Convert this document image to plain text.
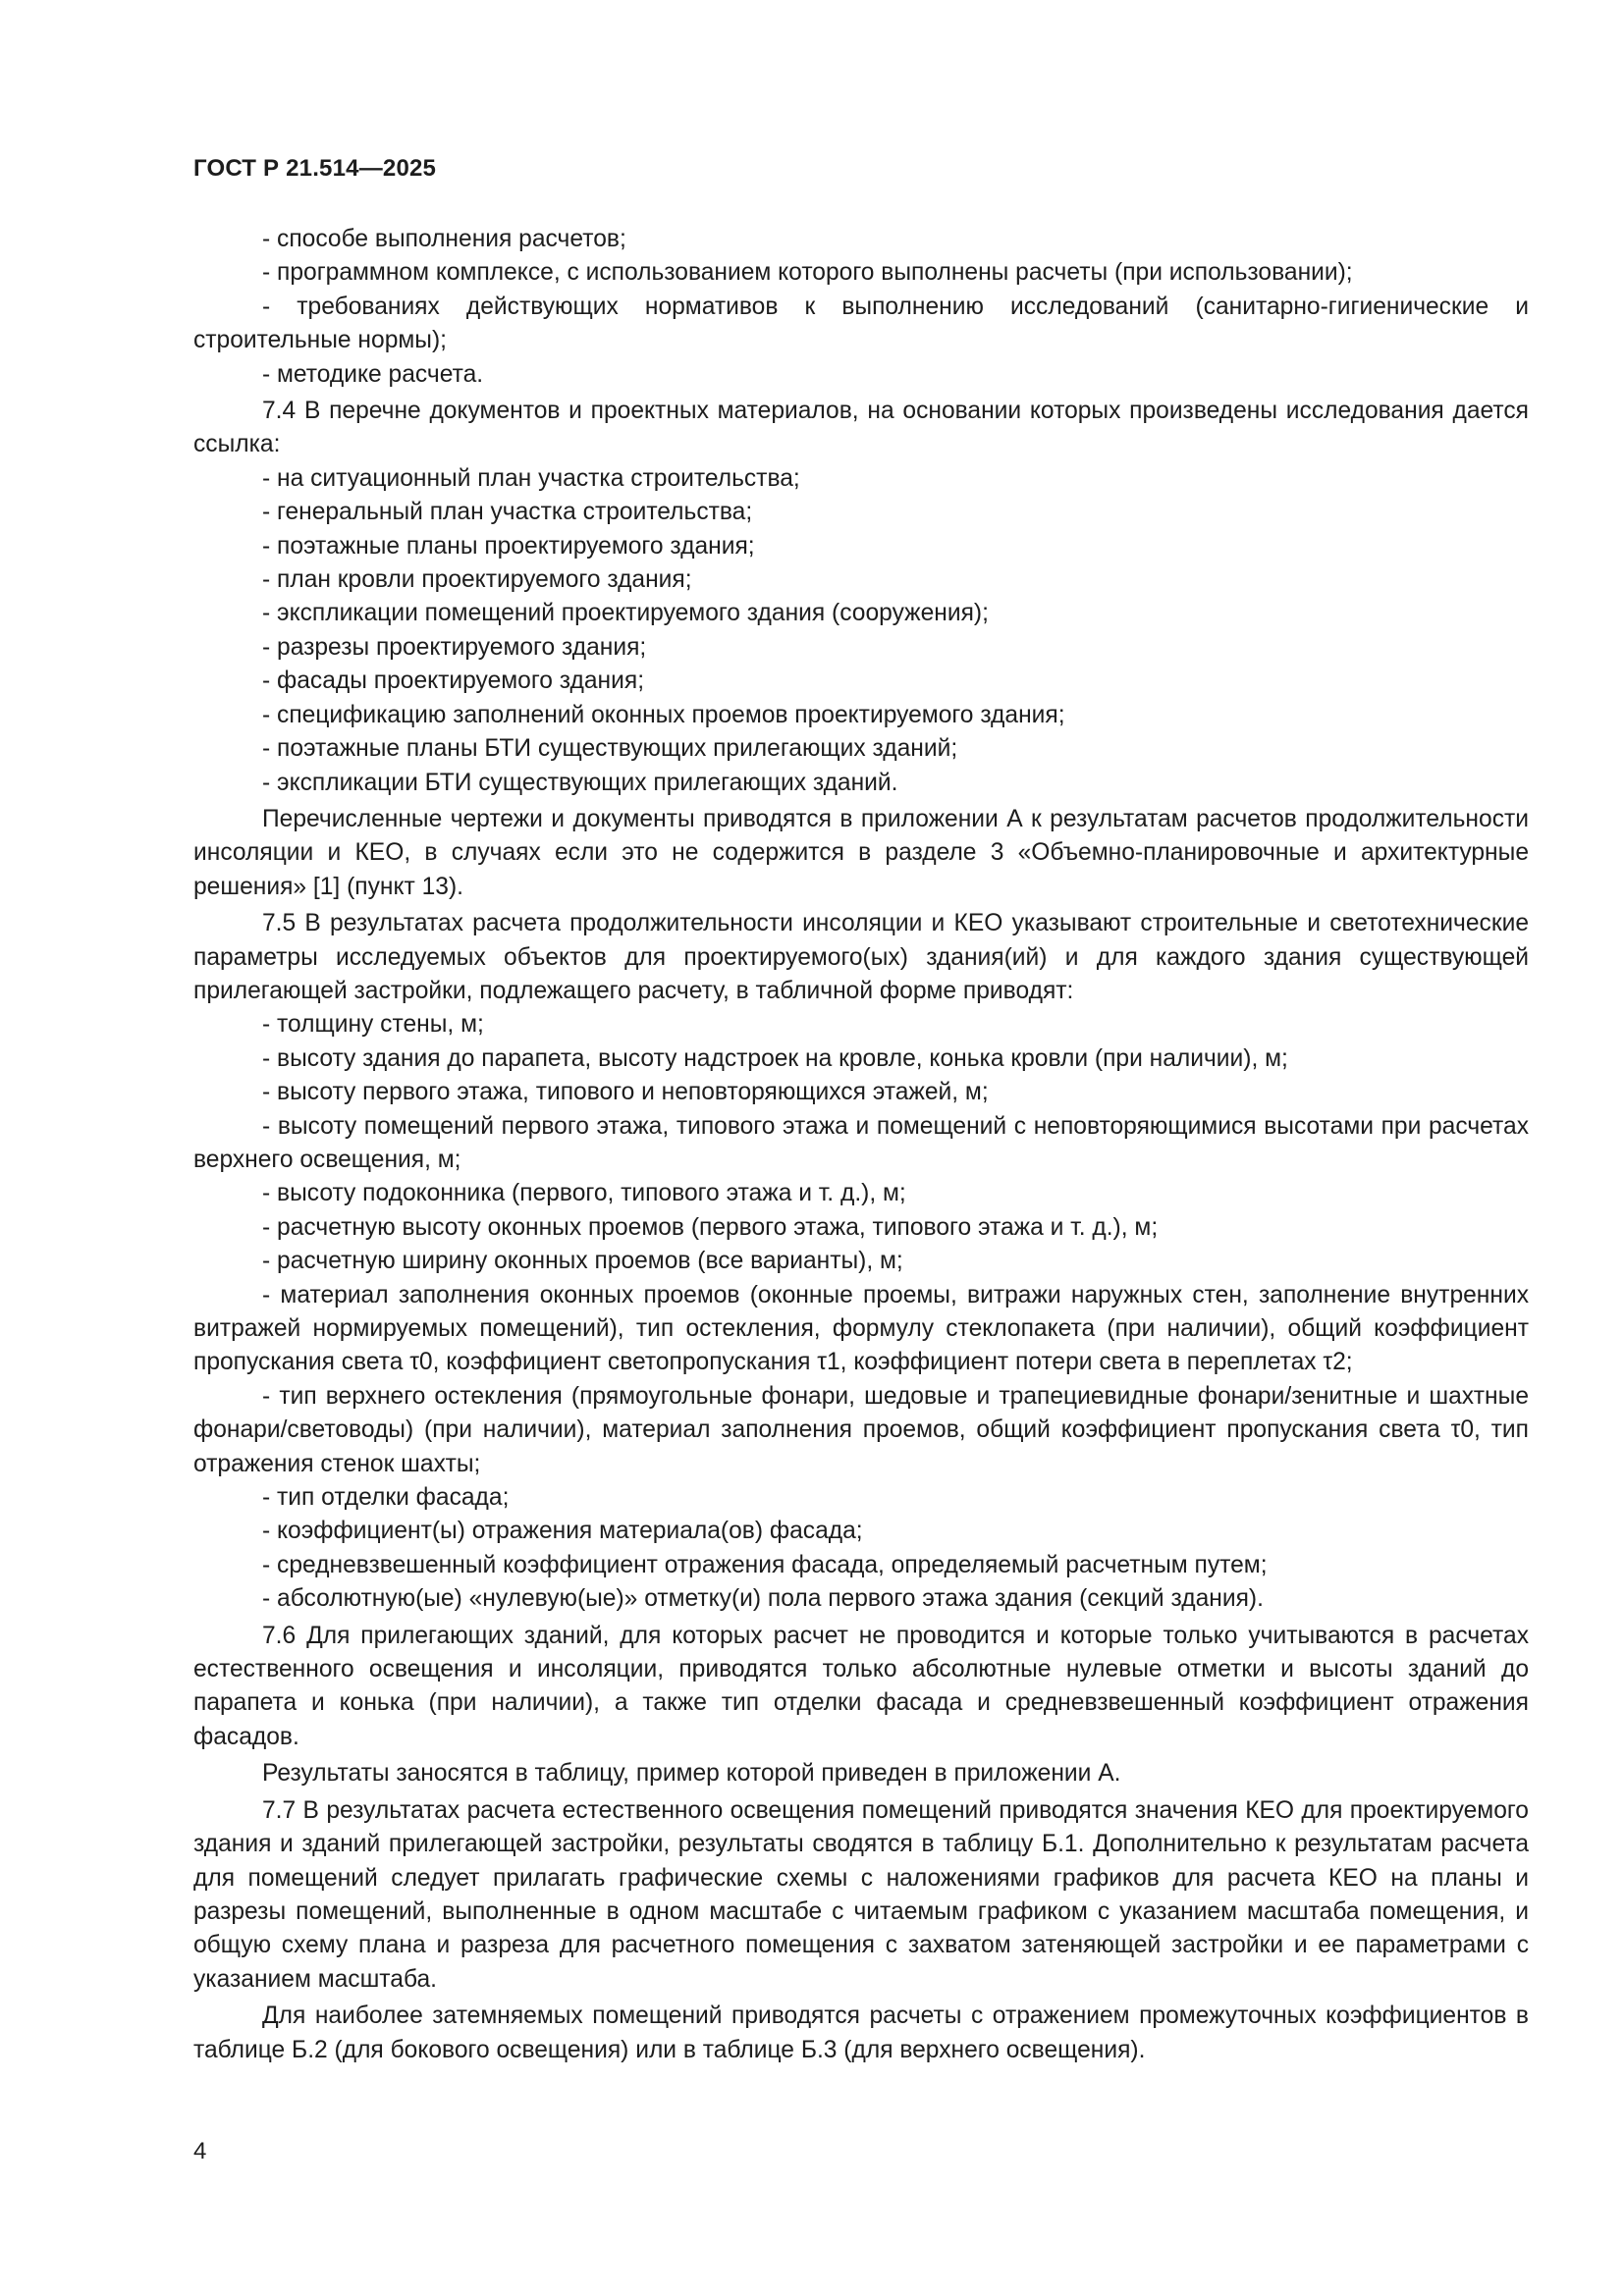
ГОСТ Р 21.514—2025

- способе выполнения расчетов;

- программном комплексе, с использованием которого выполнены расчеты (при использовании);

- требованиях действующих нормативов к выполнению исследований (санитарно-гигиенические и строительные нормы);

- методике расчета.

7.4 В перечне документов и проектных материалов, на основании которых произведены исследования дается ссылка:

- на ситуационный план участка строительства;

- генеральный план участка строительства;

- поэтажные планы проектируемого здания;

- план кровли проектируемого здания;

- экспликации помещений проектируемого здания (сооружения);

- разрезы проектируемого здания;

- фасады проектируемого здания;

- спецификацию заполнений оконных проемов проектируемого здания;

- поэтажные планы БТИ существующих прилегающих зданий;

- экспликации БТИ существующих прилегающих зданий.

Перечисленные чертежи и документы приводятся в приложении А к результатам расчетов продолжительности инсоляции и КЕО, в случаях если это не содержится в разделе 3 «Объемно-планировочные и архитектурные решения» [1] (пункт 13).

7.5 В результатах расчета продолжительности инсоляции и КЕО указывают строительные и светотехнические параметры исследуемых объектов для проектируемого(ых) здания(ий) и для каждого здания существующей прилегающей застройки, подлежащего расчету, в табличной форме приводят:

- толщину стены, м;

- высоту здания до парапета, высоту надстроек на кровле, конька кровли (при наличии), м;

- высоту первого этажа, типового и неповторяющихся этажей, м;

- высоту помещений первого этажа, типового этажа и помещений с неповторяющимися высотами при расчетах верхнего освещения, м;

- высоту подоконника (первого, типового этажа и т. д.), м;

- расчетную высоту оконных проемов (первого этажа, типового этажа и т. д.), м;

- расчетную ширину оконных проемов (все варианты), м;

- материал заполнения оконных проемов (оконные проемы, витражи наружных стен, заполнение внутренних витражей нормируемых помещений), тип остекления, формулу стеклопакета (при наличии), общий коэффициент пропускания света τ0, коэффициент светопропускания τ1, коэффициент потери света в переплетах τ2;

- тип верхнего остекления (прямоугольные фонари, шедовые и трапециевидные фонари/зенитные и шахтные фонари/световоды) (при наличии), материал заполнения проемов, общий коэффициент пропускания света τ0, тип отражения стенок шахты;

- тип отделки фасада;

- коэффициент(ы) отражения материала(ов) фасада;

- средневзвешенный коэффициент отражения фасада, определяемый расчетным путем;

- абсолютную(ые) «нулевую(ые)» отметку(и) пола первого этажа здания (секций здания).

7.6 Для прилегающих зданий, для которых расчет не проводится и которые только учитываются в расчетах естественного освещения и инсоляции, приводятся только абсолютные нулевые отметки и высоты зданий до парапета и конька (при наличии), а также тип отделки фасада и средневзвешенный коэффициент отражения фасадов.

Результаты заносятся в таблицу, пример которой приведен в приложении А.

7.7 В результатах расчета естественного освещения помещений приводятся значения КЕО для проектируемого здания и зданий прилегающей застройки, результаты сводятся в таблицу Б.1. Дополнительно к результатам расчета для помещений следует прилагать графические схемы с наложениями графиков для расчета КЕО на планы и разрезы помещений, выполненные в одном масштабе с читаемым графиком с указанием масштаба помещения, и общую схему плана и разреза для расчетного помещения с захватом затеняющей застройки и ее параметрами с указанием масштаба.

Для наиболее затемняемых помещений приводятся расчеты с отражением промежуточных коэффициентов в таблице Б.2 (для бокового освещения) или в таблице Б.3 (для верхнего освещения).

4
